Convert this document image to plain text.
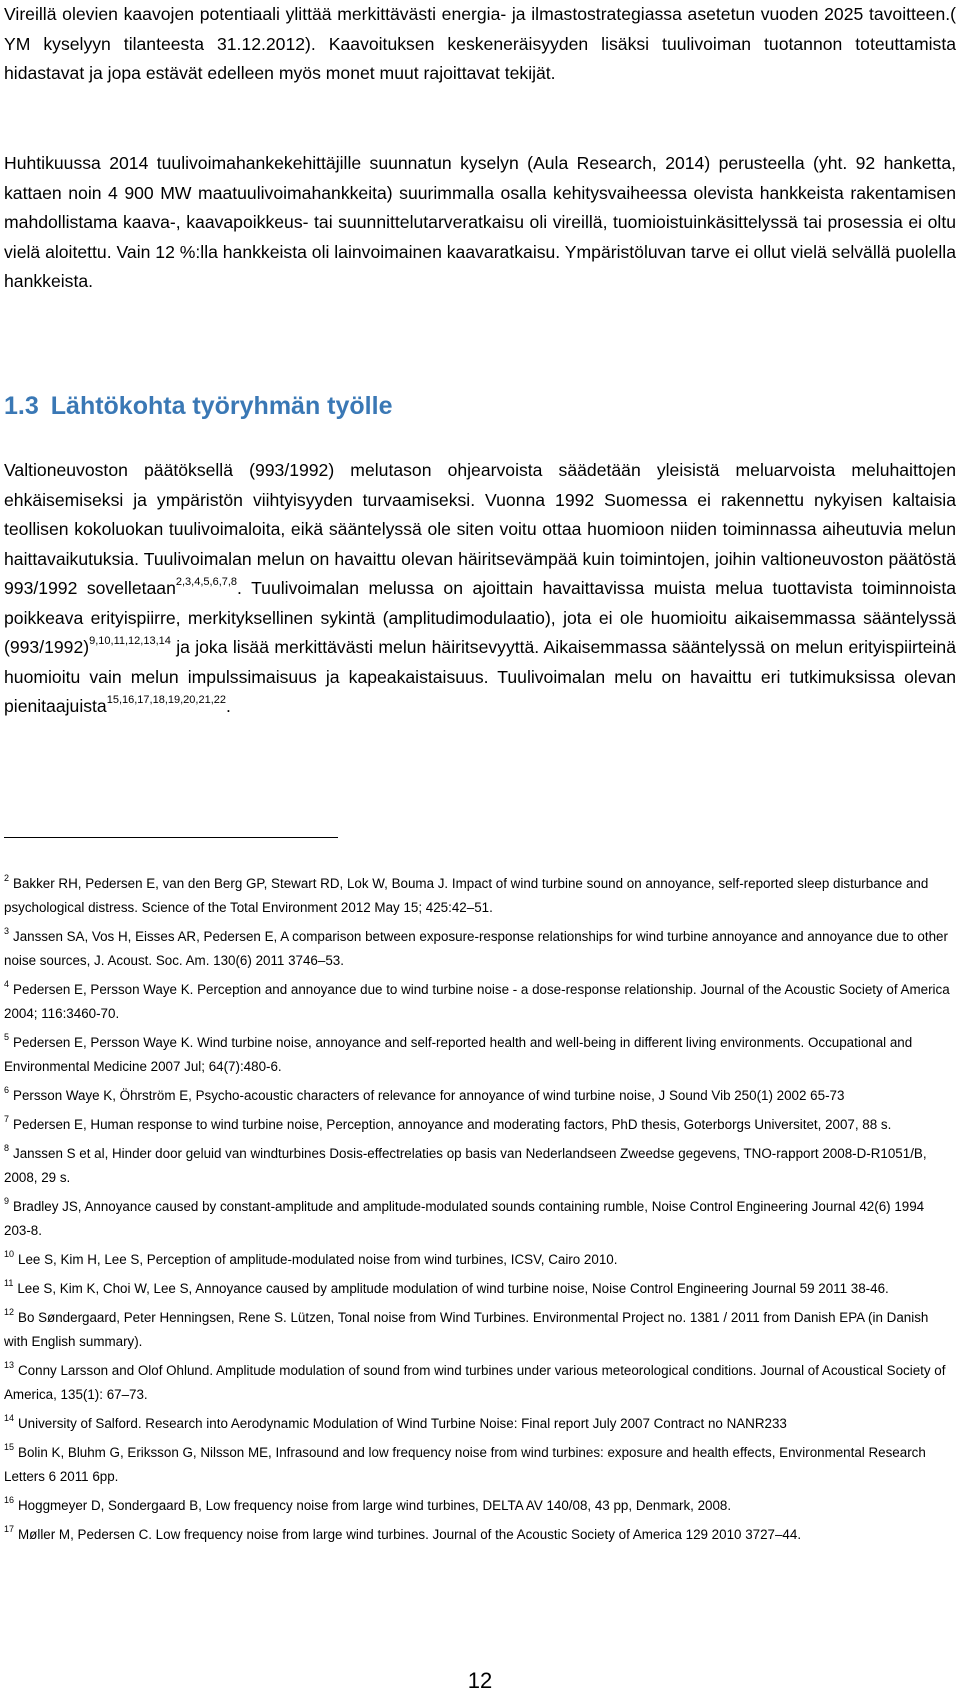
Vireillä olevien kaavojen potentiaali ylittää merkittävästi energia- ja ilmastostrategiassa asetetun vuoden 2025 tavoitteen.( YM kyselyyn tilanteesta 31.12.2012). Kaavoituksen keskeneräisyyden lisäksi tuulivoiman tuotannon toteuttamista hidastavat ja jopa estävät edelleen myös monet muut rajoittavat tekijät.

Huhtikuussa 2014 tuulivoimahankekehittäjille suunnatun kyselyn (Aula Research, 2014) perusteella (yht. 92 hanketta, kattaen noin 4 900 MW maatuulivoimahankkeita) suurimmalla osalla kehitysvaiheessa olevista hankkeista rakentamisen mahdollistama kaava-, kaavapoikkeus- tai suunnittelutarveratkaisu oli vireillä, tuomioistuinkäsittelyssä tai prosessia ei oltu vielä aloitettu. Vain 12 %:lla hankkeista oli lainvoimainen kaavaratkaisu. Ympäristöluvan tarve ei ollut vielä selvällä puolella hankkeista.

1.3 Lähtökohta työryhmän työlle

Valtioneuvoston päätöksellä (993/1992) melutason ohjearvoista säädetään yleisistä meluarvoista meluhaittojen ehkäisemiseksi ja ympäristön viihtyisyyden turvaamiseksi. Vuonna 1992 Suomessa ei rakennettu nykyisen kaltaisia teollisen kokoluokan tuulivoimaloita, eikä sääntelyssä ole siten voitu ottaa huomioon niiden toiminnassa aiheutuvia melun haittavaikutuksia. Tuulivoimalan melun on havaittu olevan häiritsevämpää kuin toimintojen, joihin valtioneuvoston päätöstä 993/1992 sovelletaan$^{2,3,4,5,6,7,8}$. Tuulivoimalan melussa on ajoittain havaittavissa muista melua tuottavista toiminnoista poikkeava erityispiirre, merkityksellinen sykintä (amplitudimodulaatio), jota ei ole huomioitu aikaisemmassa sääntelyssä $(993/1992)^{9,10,11,12,13,14}$ ja joka lisää merkittävästi melun häiritsevyyttä. Aikaisemmassa sääntelyssä on melun erityispiirteinä huomioitu vain melun impulssimaisuus ja kapeakaistaisuus. Tuulivoimalan melu on havaittu eri tutkimuksissa olevan pienitaajuista$^{15,16,17,18,19,20,21,22}$.

$^2$ Bakker RH, Pedersen E, van den Berg GP, Stewart RD, Lok W, Bouma J. Impact of wind turbine sound on annoyance, self-reported sleep disturbance and psychological distress. Science of the Total Environment 2012 May 15; 425:42–51.

$^3$ Janssen SA, Vos H, Eisses AR, Pedersen E, A comparison between exposure-response relationships for wind turbine annoyance and annoyance due to other noise sources, J. Acoust. Soc. Am. 130(6) 2011 3746–53.

$^4$ Pedersen E, Persson Waye K. Perception and annoyance due to wind turbine noise - a dose-response relationship. Journal of the Acoustic Society of America 2004; 116:3460-70.

$^5$ Pedersen E, Persson Waye K. Wind turbine noise, annoyance and self-reported health and well-being in different living environments. Occupational and Environmental Medicine 2007 Jul; 64(7):480-6.

$^6$ Persson Waye K, Öhrström E, Psycho-acoustic characters of relevance for annoyance of wind turbine noise, J Sound Vib 250(1) 2002 65-73

$^7$ Pedersen E, Human response to wind turbine noise, Perception, annoyance and moderating factors, PhD thesis, Goterborgs Universitet, 2007, 88 s.

$^8$ Janssen S et al, Hinder door geluid van windturbines Dosis-effectrelaties op basis van Nederlandseen Zweedse gegevens, TNO-rapport 2008-D-R1051/B, 2008, 29 s.

$^9$ Bradley JS, Annoyance caused by constant-amplitude and amplitude-modulated sounds containing rumble, Noise Control Engineering Journal 42(6) 1994 203-8.

$^{10}$ Lee S, Kim H, Lee S, Perception of amplitude-modulated noise from wind turbines, ICSV, Cairo 2010.

$^{11}$ Lee S, Kim K, Choi W, Lee S, Annoyance caused by amplitude modulation of wind turbine noise, Noise Control Engineering Journal 59 2011 38-46.

$^{12}$ Bo Søndergaard, Peter Henningsen, Rene S. Lützen, Tonal noise from Wind Turbines. Environmental Project no. 1381 / 2011 from Danish EPA (in Danish with English summary).

$^{13}$ Conny Larsson and Olof Ohlund. Amplitude modulation of sound from wind turbines under various meteorological conditions. Journal of Acoustical Society of America, 135(1): 67–73.

$^{14}$ University of Salford. Research into Aerodynamic Modulation of Wind Turbine Noise: Final report July 2007 Contract no NANR233

$^{15}$ Bolin K, Bluhm G, Eriksson G, Nilsson ME, Infrasound and low frequency noise from wind turbines: exposure and health effects, Environmental Research Letters 6 2011 6pp.

$^{16}$ Hoggmeyer D, Sondergaard B, Low frequency noise from large wind turbines, DELTA AV 140/08, 43 pp, Denmark, 2008.

$^{17}$ Møller M, Pedersen C. Low frequency noise from large wind turbines. Journal of the Acoustic Society of America 129 2010 3727–44.

12
